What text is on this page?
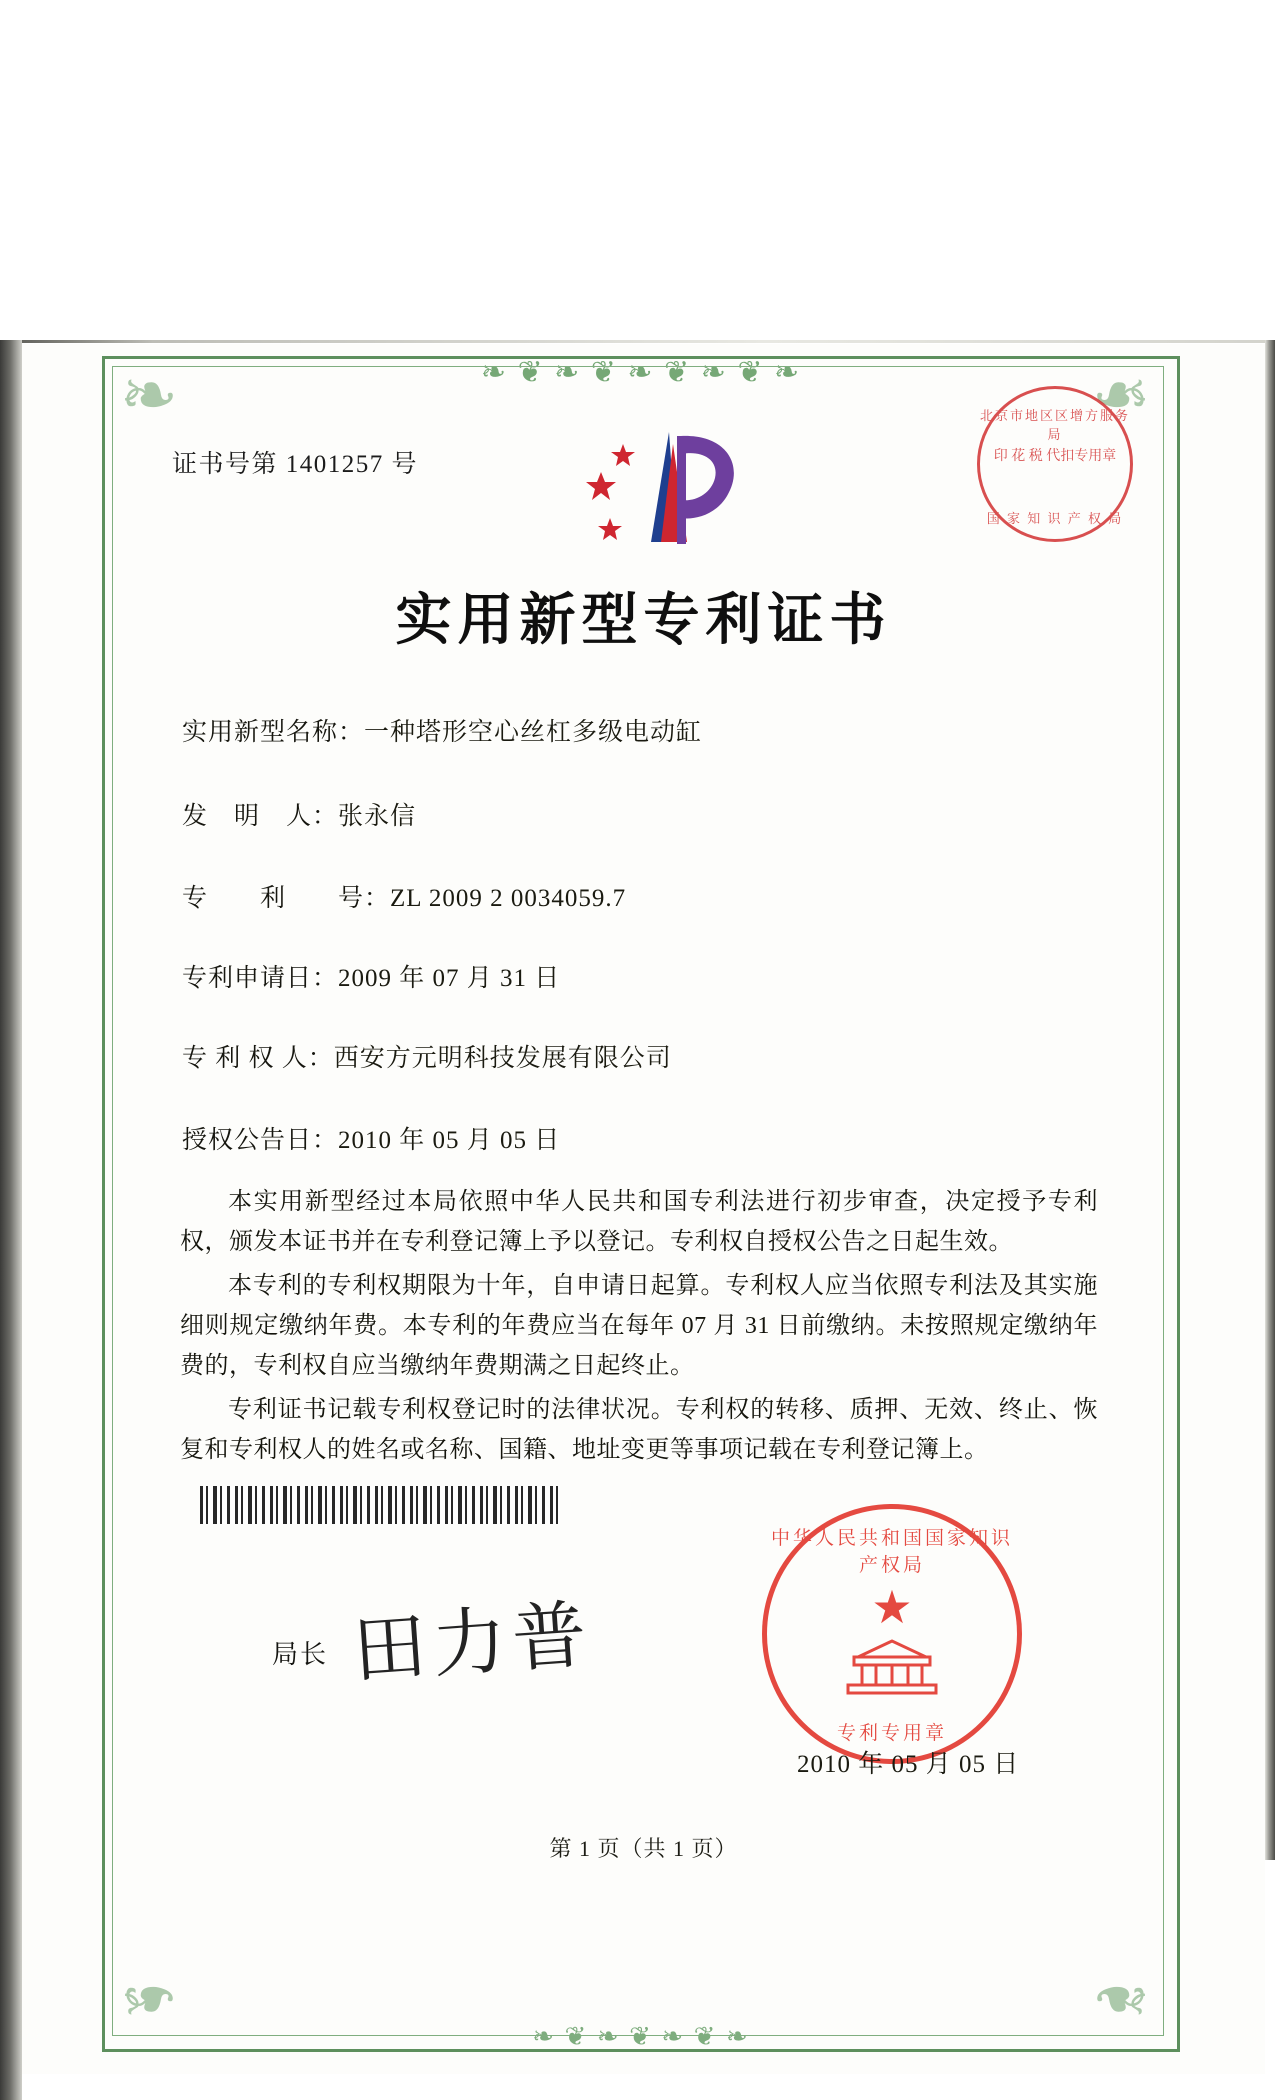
❧ ❦ ❧ ❦ ❧ ❦ ❧ ❦ ❧
❧ ❦ ❧ ❦ ❧ ❦ ❧
❧	❧
❧	❧
证书号第 1401257 号
北京市地区区增方服务局
印 花 税 代扣专用章
国 家 知 识 产 权 局
实用新型专利证书
实用新型名称：一种塔形空心丝杠多级电动缸
发　明　人：张永信
专　　利　　号：ZL 2009 2 0034059.7
专利申请日：2009 年 07 月 31 日
专 利 权 人：西安方元明科技发展有限公司
授权公告日：2010 年 05 月 05 日
本实用新型经过本局依照中华人民共和国专利法进行初步审查，决定授予专利权，颁发本证书并在专利登记簿上予以登记。专利权自授权公告之日起生效。
本专利的专利权期限为十年，自申请日起算。专利权人应当依照专利法及其实施细则规定缴纳年费。本专利的年费应当在每年 07 月 31 日前缴纳。未按照规定缴纳年费的，专利权自应当缴纳年费期满之日起终止。
专利证书记载专利权登记时的法律状况。专利权的转移、质押、无效、终止、恢复和专利权人的姓名或名称、国籍、地址变更等事项记载在专利登记簿上。
局长 田力普
中华人民共和国国家知识产权局
★
专利专用章
2010 年 05 月 05 日
第 1 页（共 1 页）
